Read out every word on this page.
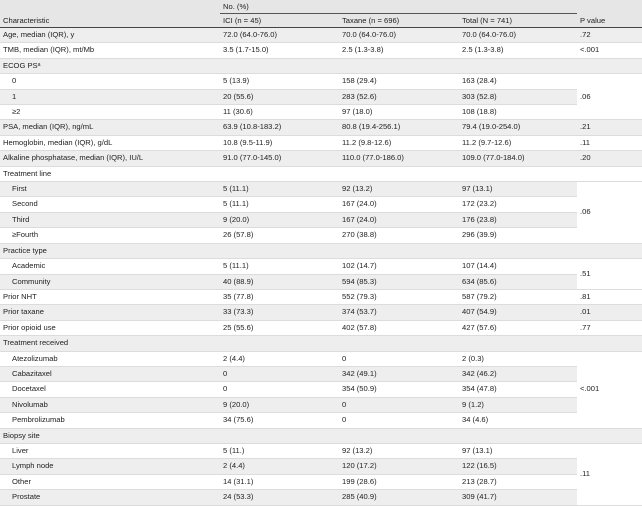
	No. (%)			
Characteristic	ICI (n = 45)	Taxane (n = 696)	Total (N = 741)	P value
Age, median (IQR), y	72.0 (64.0-76.0)	70.0 (64.0-76.0)	70.0 (64.0-76.0)	.72
TMB, median (IQR), mt/Mb	3.5 (1.7-15.0)	2.5 (1.3-3.8)	2.5 (1.3-3.8)	<.001
ECOG PSᵃ				
0	5 (13.9)	158 (29.4)	163 (28.4)	.06
1	20 (55.6)	283 (52.6)	303 (52.8)	
≥2	11 (30.6)	97 (18.0)	108 (18.8)	
PSA, median (IQR), ng/mL	63.9 (10.8-183.2)	80.8 (19.4-256.1)	79.4 (19.0-254.0)	.21
Hemoglobin, median (IQR), g/dL	10.8 (9.5-11.9)	11.2 (9.8-12.6)	11.2 (9.7-12.6)	.11
Alkaline phosphatase, median (IQR), IU/L	91.0 (77.0-145.0)	110.0 (77.0-186.0)	109.0 (77.0-184.0)	.20
Treatment line				
First	5 (11.1)	92 (13.2)	97 (13.1)	.06
Second	5 (11.1)	167 (24.0)	172 (23.2)	
Third	9 (20.0)	167 (24.0)	176 (23.8)	
≥Fourth	26 (57.8)	270 (38.8)	296 (39.9)	
Practice type				
Academic	5 (11.1)	102 (14.7)	107 (14.4)	.51
Community	40 (88.9)	594 (85.3)	634 (85.6)	
Prior NHT	35 (77.8)	552 (79.3)	587 (79.2)	.81
Prior taxane	33 (73.3)	374 (53.7)	407 (54.9)	.01
Prior opioid use	25 (55.6)	402 (57.8)	427 (57.6)	.77
Treatment received				
Atezolizumab	2 (4.4)	0	2 (0.3)	<.001
Cabazitaxel	0	342 (49.1)	342 (46.2)	
Docetaxel	0	354 (50.9)	354 (47.8)	
Nivolumab	9 (20.0)	0	9 (1.2)	
Pembrolizumab	34 (75.6)	0	34 (4.6)	
Biopsy site				
Liver	5 (11.)	92 (13.2)	97 (13.1)	.11
Lymph node	2 (4.4)	120 (17.2)	122 (16.5)	
Other	14 (31.1)	199 (28.6)	213 (28.7)	
Prostate	24 (53.3)	285 (40.9)	309 (41.7)	
